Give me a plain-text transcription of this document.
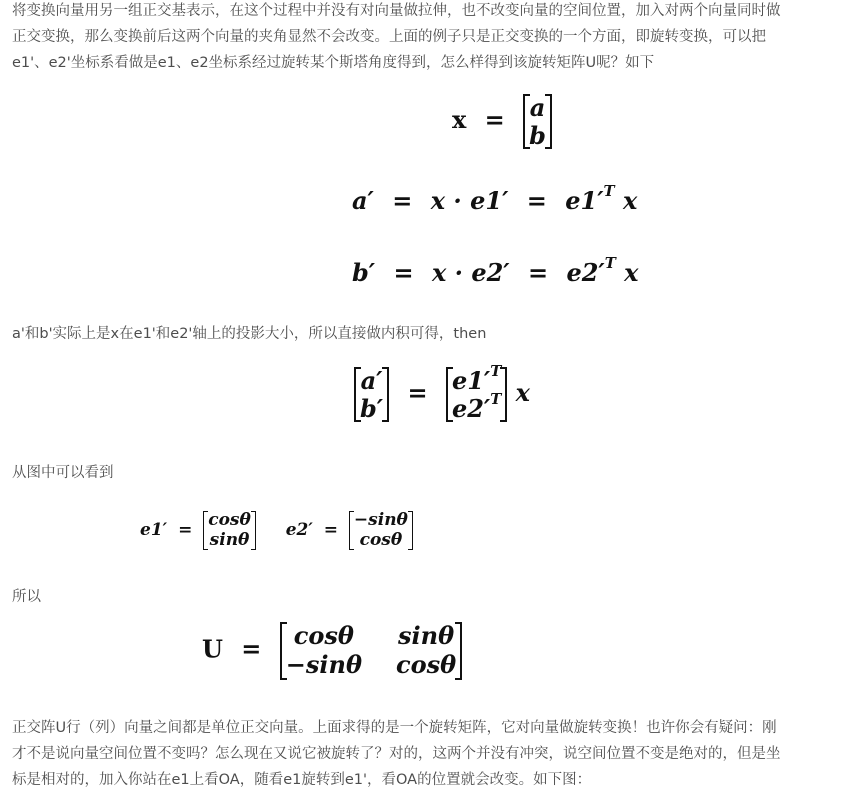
将变换向量用另一组正交基表示，在这个过程中并没有对向量做拉伸，也不改变向量的空间位置，加入对两个向量同时做
正交变换，那么变换前后这两个向量的夹角显然不会改变。上面的例子只是正交变换的一个方面，即旋转变换，可以把
e1'、e2'坐标系看做是e1、e2坐标系经过旋转某个斯塔角度得到，怎么样得到该旋转矩阵U呢？如下
x = a
b
$a' = x \cdot e1' = e1'^T$ x
$b' = x \cdot e2' = e2'^T$ x
a'和b'实际上是x在e1'和e2'轴上的投影大小，所以直接做内积可得，then
a′
b′
= $e1'^T$
$e2'^T$ x
从图中可以看到
e1′ =
cosθ
sinθ e2′ =
−sinθ
cosθ
所以
U =	cosθ	sinθ
−sinθ cosθ
正交阵U行（列）向量之间都是单位正交向量。上面求得的是一个旋转矩阵，它对向量做旋转变换！也许你会有疑问：刚
才不是说向量空间位置不变吗？怎么现在又说它被旋转了？对的，这两个并没有冲突，说空间位置不变是绝对的，但是坐
标是相对的，加入你站在e1上看OA，随看e1旋转到e1'，看OA的位置就会改变。如下图：
